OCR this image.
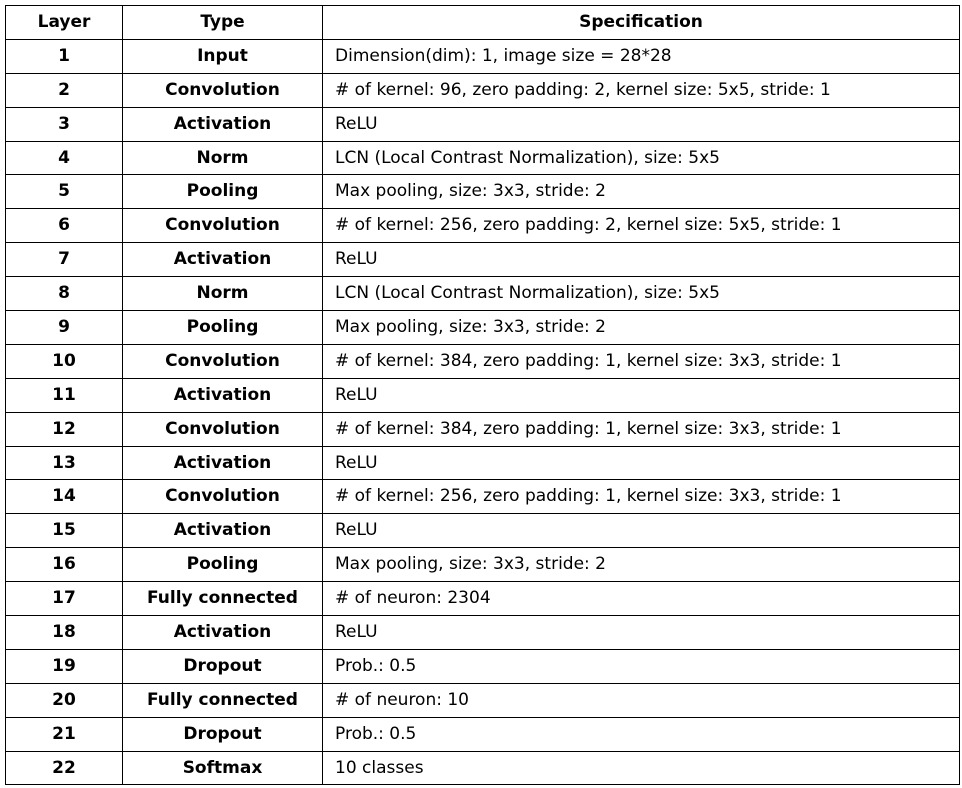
Layer	Type	Specification
1	Input	Dimension(dim): 1, image size = 28*28
2	Convolution	# of kernel: 96, zero padding: 2, kernel size: 5x5, stride: 1
3	Activation	ReLU
4	Norm	LCN (Local Contrast Normalization), size: 5x5
5	Pooling	Max pooling, size: 3x3, stride: 2
6	Convolution	# of kernel: 256, zero padding: 2, kernel size: 5x5, stride: 1
7	Activation	ReLU
8	Norm	LCN (Local Contrast Normalization), size: 5x5
9	Pooling	Max pooling, size: 3x3, stride: 2
10	Convolution	# of kernel: 384, zero padding: 1, kernel size: 3x3, stride: 1
11	Activation	ReLU
12	Convolution	# of kernel: 384, zero padding: 1, kernel size: 3x3, stride: 1
13	Activation	ReLU
14	Convolution	# of kernel: 256, zero padding: 1, kernel size: 3x3, stride: 1
15	Activation	ReLU
16	Pooling	Max pooling, size: 3x3, stride: 2
17	Fully connected	# of neuron: 2304
18	Activation	ReLU
19	Dropout	Prob.: 0.5
20	Fully connected	# of neuron: 10
21	Dropout	Prob.: 0.5
22	Softmax	10 classes
